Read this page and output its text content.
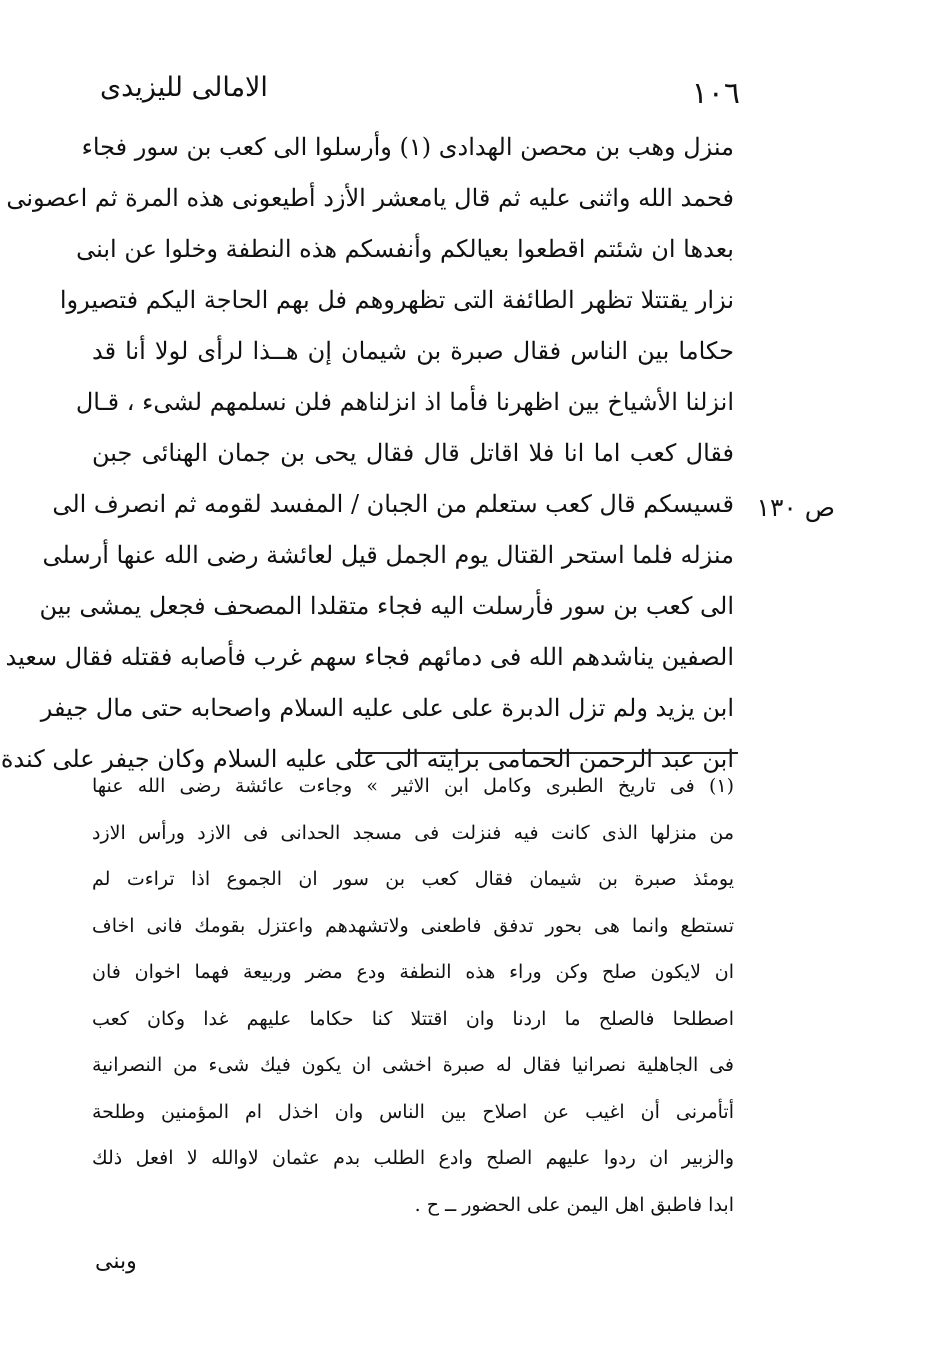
الامالى لليزيدى	١٠٦
منزل وهب بن محصن الهدادى (١) وأرسلوا الى كعب بن سور فجاء
فحمد الله واثنى عليه ثم قال يامعشر الأزد أطيعونى هذه المرة ثم اعصونى
بعدها ان شئتم اقطعوا بعيالكم وأنفسكم هذه النطفة وخلوا عن ابنى
نزار يقتتلا تظهر الطائفة التى تظهروهم فل بهم الحاجة اليكم فتصيروا
حكاما بين الناس فقال صبرة بن شيمان إن هــذا لرأى لولا أنا قد
انزلنا الأشياخ بين اظهرنا فأما اذ انزلناهم فلن نسلمهم لشىء ، قـال
فقال كعب اما انا فلا اقاتل قال فقال يحى بن جمان الهنائى جبن
قسيسكم قال كعب ستعلم من الجبان / المفسد لقومه ثم انصرف الى
منزله فلما استحر القتال يوم الجمل قيل لعائشة رضى الله عنها أرسلى
الى كعب بن سور فأرسلت اليه فجاء متقلدا المصحف فجعل يمشى بين
الصفين يناشدهم الله فى دمائهم فجاء سهم غرب فأصابه فقتله فقال سعيد
ابن يزيد ولم تزل الدبرة على على عليه السلام واصحابه حتى مال جيفر
ابن عبد الرحمن الحمامى برايته الى على عليه السلام وكان جيفر على كندة
ص ١٣٠
(١) فى تاريخ الطبرى وكامل ابن الاثير » وجاءت عائشة رضى الله عنها
من منزلها الذى كانت فيه فنزلت فى مسجد الحدانى فى الازد ورأس الازد
يومئذ صبرة بن شيمان فقال كعب بن سور ان الجموع اذا تراءت لم
تستطع وانما هى بحور تدفق فاطعنى ولاتشهدهم واعتزل بقومك فانى اخاف
ان لايكون صلح وكن وراء هذه النطفة ودع مضر وربيعة فهما اخوان فان
اصطلحا فالصلح ما اردنا وان اقتتلا كنا حكاما عليهم غدا وكان كعب
فى الجاهلية نصرانيا فقال له صبرة اخشى ان يكون فيك شىء من النصرانية
أتأمرنى أن اغيب عن اصلاح بين الناس وان اخذل ام المؤمنين وطلحة
والزبير ان ردوا عليهم الصلح وادع الطلب بدم عثمان لاوالله لا افعل ذلك
ابدا فاطبق اهل اليمن على الحضور ــ ح .
وبنى
